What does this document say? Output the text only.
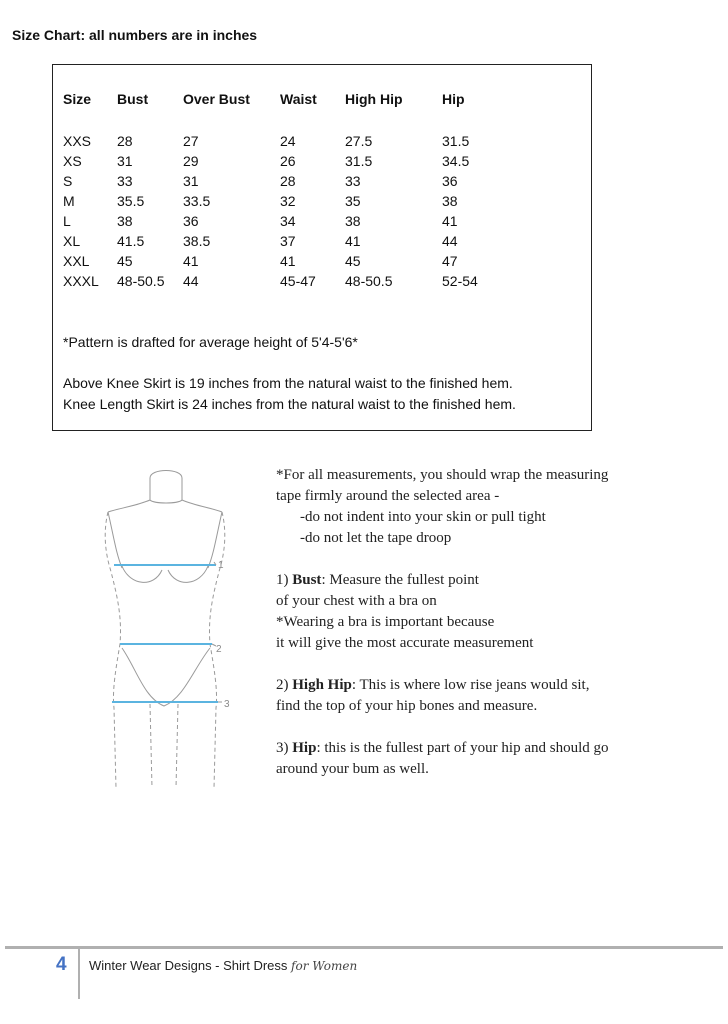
Size Chart: all numbers are in inches
Size	Bust	Over Bust	Waist	High Hip	Hip

XXS	28	27	24	27.5	31.5
XS	31	29	26	31.5	34.5
S	33	31	28	33	36
M	35.5	33.5	32	35	38
L	38	36	34	38	41
XL	41.5	38.5	37	41	44
XXL	45	41	41	45	47
XXXL	48-50.5	44	45-47	48-50.5	52-54
*Pattern is drafted for average height of 5'4-5'6*
Above Knee Skirt is 19 inches from the natural waist to the finished hem.
Knee Length Skirt is 24 inches from the natural waist to the finished hem.
1
2
3

*For all measurements, you should wrap the measuring
tape firmly around the selected area -
-do not indent into your skin or pull tight
-do not let the tape droop

1) Bust: Measure the fullest point
of your chest with a bra on
*Wearing a bra is important because
it will give the most accurate measurement

2) High Hip: This is where low rise jeans would sit,
find the top of your hip bones and measure.

3) Hip: this is the fullest part of your hip and should go
around your bum as well.

4 Winter Wear Designs - Shirt Dress for Women
